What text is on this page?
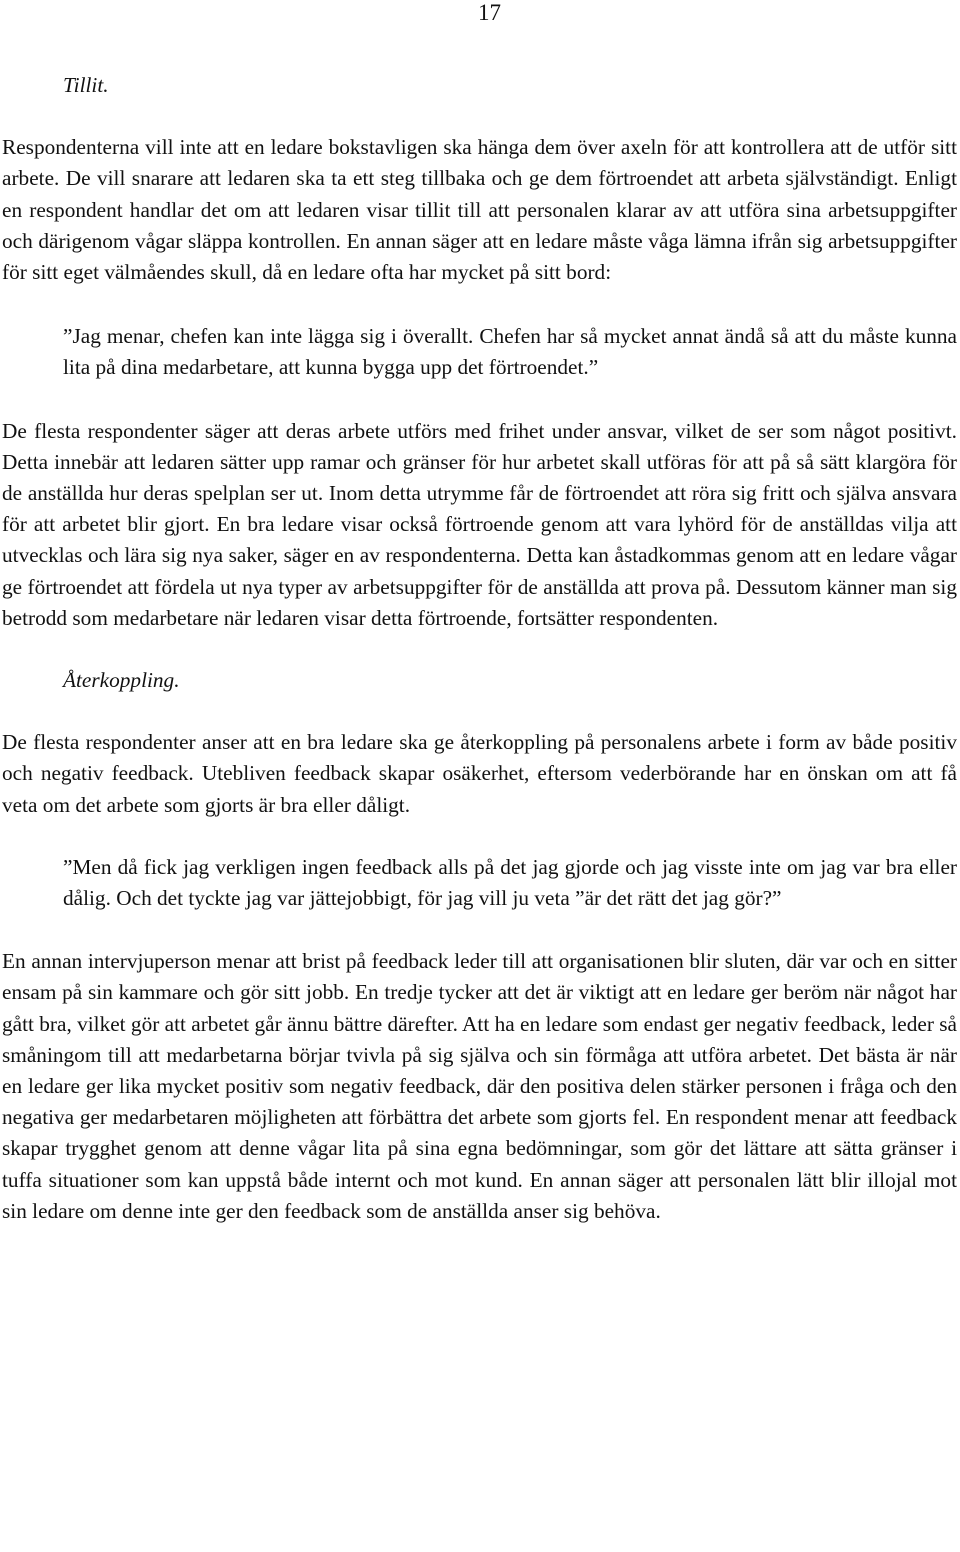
17

Tillit.

Respondenterna vill inte att en ledare bokstavligen ska hänga dem över axeln för att kontrollera att de utför sitt arbete. De vill snarare att ledaren ska ta ett steg tillbaka och ge dem förtroendet att arbeta självständigt. Enligt en respondent handlar det om att ledaren visar tillit till att personalen klarar av att utföra sina arbetsuppgifter och därigenom vågar släppa kontrollen. En annan säger att en ledare måste våga lämna ifrån sig arbetsuppgifter för sitt eget välmåendes skull, då en ledare ofta har mycket på sitt bord:

”Jag menar, chefen kan inte lägga sig i överallt. Chefen har så mycket annat ändå så att du måste kunna lita på dina medarbetare, att kunna bygga upp det förtroendet.”

De flesta respondenter säger att deras arbete utförs med frihet under ansvar, vilket de ser som något positivt. Detta innebär att ledaren sätter upp ramar och gränser för hur arbetet skall utföras för att på så sätt klargöra för de anställda hur deras spelplan ser ut. Inom detta utrymme får de förtroendet att röra sig fritt och själva ansvara för att arbetet blir gjort. En bra ledare visar också förtroende genom att vara lyhörd för de anställdas vilja att utvecklas och lära sig nya saker, säger en av respondenterna. Detta kan åstadkommas genom att en ledare vågar ge förtroendet att fördela ut nya typer av arbetsuppgifter för de anställda att prova på. Dessutom känner man sig betrodd som medarbetare när ledaren visar detta förtroende, fortsätter respondenten.

Återkoppling.

De flesta respondenter anser att en bra ledare ska ge återkoppling på personalens arbete i form av både positiv och negativ feedback. Utebliven feedback skapar osäkerhet, eftersom vederbörande har en önskan om att få veta om det arbete som gjorts är bra eller dåligt.

”Men då fick jag verkligen ingen feedback alls på det jag gjorde och jag visste inte om jag var bra eller dålig. Och det tyckte jag var jättejobbigt, för jag vill ju veta ”är det rätt det jag gör?”

En annan intervjuperson menar att brist på feedback leder till att organisationen blir sluten, där var och en sitter ensam på sin kammare och gör sitt jobb. En tredje tycker att det är viktigt att en ledare ger beröm när något har gått bra, vilket gör att arbetet går ännu bättre därefter. Att ha en ledare som endast ger negativ feedback, leder så småningom till att medarbetarna börjar tvivla på sig själva och sin förmåga att utföra arbetet. Det bästa är när en ledare ger lika mycket positiv som negativ feedback, där den positiva delen stärker personen i fråga och den negativa ger medarbetaren möjligheten att förbättra det arbete som gjorts fel. En respondent menar att feedback skapar trygghet genom att denne vågar lita på sina egna bedömningar, som gör det lättare att sätta gränser i tuffa situationer som kan uppstå både internt och mot kund. En annan säger att personalen lätt blir illojal mot sin ledare om denne inte ger den feedback som de anställda anser sig behöva.
